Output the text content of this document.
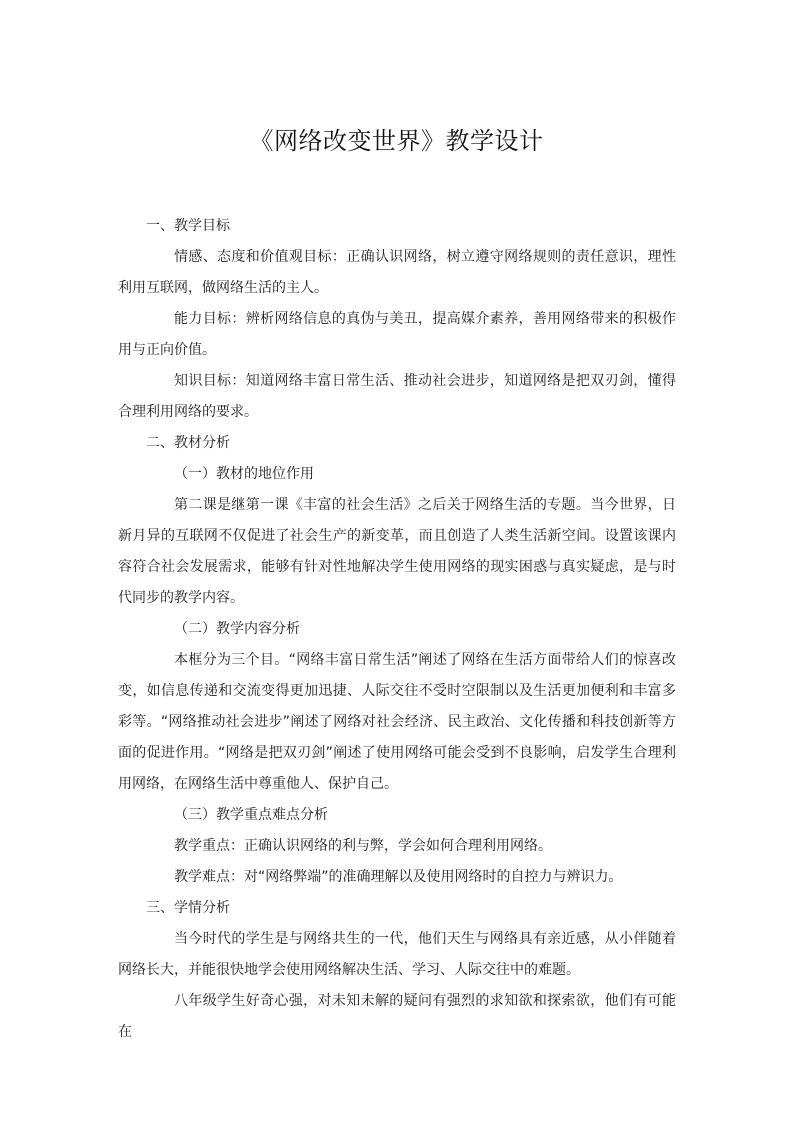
《网络改变世界》教学设计

一、教学目标

情感、态度和价值观目标：正确认识网络，树立遵守网络规则的责任意识，理性利用互联网，做网络生活的主人。

能力目标：辨析网络信息的真伪与美丑，提高媒介素养，善用网络带来的积极作用与正向价值。

知识目标：知道网络丰富日常生活、推动社会进步，知道网络是把双刃剑，懂得合理利用网络的要求。

二、教材分析

（一）教材的地位作用

第二课是继第一课《丰富的社会生活》之后关于网络生活的专题。当今世界，日新月异的互联网不仅促进了社会生产的新变革，而且创造了人类生活新空间。设置该课内容符合社会发展需求，能够有针对性地解决学生使用网络的现实困惑与真实疑虑，是与时代同步的教学内容。

（二）教学内容分析

本框分为三个目。“网络丰富日常生活”阐述了网络在生活方面带给人们的惊喜改变，如信息传递和交流变得更加迅捷、人际交往不受时空限制以及生活更加便利和丰富多彩等。“网络推动社会进步”阐述了网络对社会经济、民主政治、文化传播和科技创新等方面的促进作用。“网络是把双刃剑”阐述了使用网络可能会受到不良影响，启发学生合理利用网络，在网络生活中尊重他人、保护自己。

（三）教学重点难点分析

教学重点：正确认识网络的利与弊，学会如何合理利用网络。

教学难点：对“网络弊端”的准确理解以及使用网络时的自控力与辨识力。

三、学情分析

当今时代的学生是与网络共生的一代，他们天生与网络具有亲近感，从小伴随着网络长大，并能很快地学会使用网络解决生活、学习、人际交往中的难题。

八年级学生好奇心强，对未知未解的疑问有强烈的求知欲和探索欲，他们有可能在
